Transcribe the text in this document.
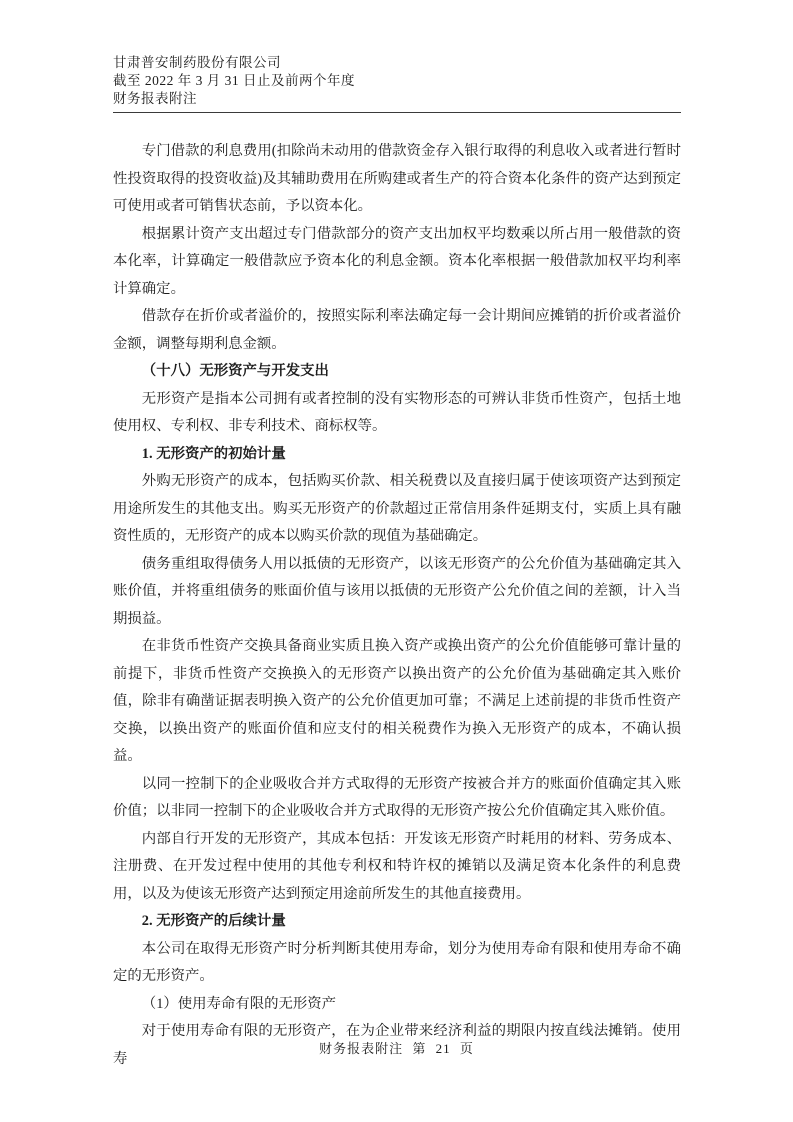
甘肃普安制药股份有限公司
截至 2022 年 3 月 31 日止及前两个年度
财务报表附注

专门借款的利息费用(扣除尚未动用的借款资金存入银行取得的利息收入或者进行暂时性投资取得的投资收益)及其辅助费用在所购建或者生产的符合资本化条件的资产达到预定可使用或者可销售状态前，予以资本化。

根据累计资产支出超过专门借款部分的资产支出加权平均数乘以所占用一般借款的资本化率，计算确定一般借款应予资本化的利息金额。资本化率根据一般借款加权平均利率计算确定。

借款存在折价或者溢价的，按照实际利率法确定每一会计期间应摊销的折价或者溢价金额，调整每期利息金额。

（十八）无形资产与开发支出

无形资产是指本公司拥有或者控制的没有实物形态的可辨认非货币性资产，包括土地使用权、专利权、非专利技术、商标权等。

1. 无形资产的初始计量

外购无形资产的成本，包括购买价款、相关税费以及直接归属于使该项资产达到预定用途所发生的其他支出。购买无形资产的价款超过正常信用条件延期支付，实质上具有融资性质的，无形资产的成本以购买价款的现值为基础确定。

债务重组取得债务人用以抵债的无形资产，以该无形资产的公允价值为基础确定其入账价值，并将重组债务的账面价值与该用以抵债的无形资产公允价值之间的差额，计入当期损益。

在非货币性资产交换具备商业实质且换入资产或换出资产的公允价值能够可靠计量的前提下，非货币性资产交换换入的无形资产以换出资产的公允价值为基础确定其入账价值，除非有确凿证据表明换入资产的公允价值更加可靠；不满足上述前提的非货币性资产交换，以换出资产的账面价值和应支付的相关税费作为换入无形资产的成本，不确认损益。

以同一控制下的企业吸收合并方式取得的无形资产按被合并方的账面价值确定其入账价值；以非同一控制下的企业吸收合并方式取得的无形资产按公允价值确定其入账价值。

内部自行开发的无形资产，其成本包括：开发该无形资产时耗用的材料、劳务成本、注册费、在开发过程中使用的其他专利权和特许权的摊销以及满足资本化条件的利息费用，以及为使该无形资产达到预定用途前所发生的其他直接费用。

2. 无形资产的后续计量

本公司在取得无形资产时分析判断其使用寿命，划分为使用寿命有限和使用寿命不确定的无形资产。

（1）使用寿命有限的无形资产

对于使用寿命有限的无形资产，在为企业带来经济利益的期限内按直线法摊销。使用寿

财务报表附注 第 21 页
